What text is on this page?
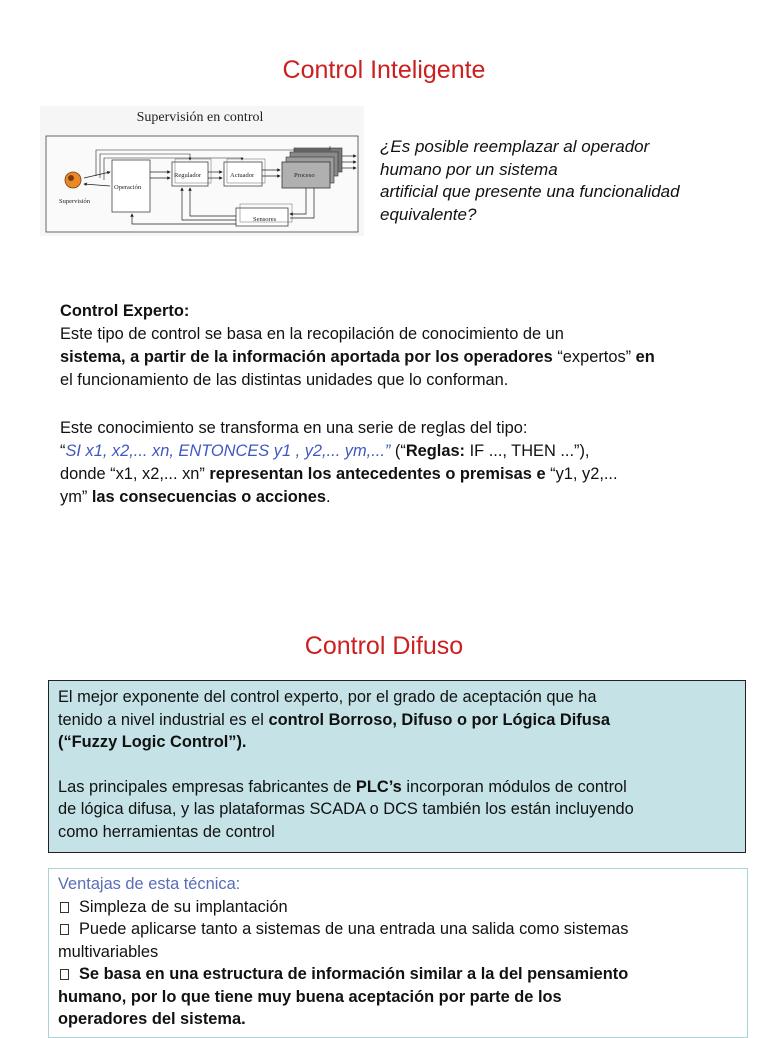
Control Inteligente
Supervisión en control
Supervisión
Operación
Regulador	Actuador	Proceso
Sensores
¿Es posible reemplazar al operador
humano por un sistema
artificial que presente una funcionalidad
equivalente?
Control Experto:
Este tipo de control se basa en la recopilación de conocimiento de un
sistema, a partir de la información aportada por los operadores “expertos” en
el funcionamiento de las distintas unidades que lo conforman.
Este conocimiento se transforma en una serie de reglas del tipo:
“SI x1, x2,... xn, ENTONCES y1 , y2,... ym,...” (“Reglas: IF ..., THEN ...”),
donde “x1, x2,... xn” representan los antecedentes o premisas e “y1, y2,...
ym” las consecuencias o acciones.
Control Difuso
El mejor exponente del control experto, por el grado de aceptación que ha
tenido a nivel industrial es el control Borroso, Difuso o por Lógica Difusa
(“Fuzzy Logic Control”).
Las principales empresas fabricantes de PLC’s incorporan módulos de control
de lógica difusa, y las plataformas SCADA o DCS también los están incluyendo
como herramientas de control
Ventajas de esta técnica:
Simpleza de su implantación
Puede aplicarse tanto a sistemas de una entrada una salida como sistemas
multivariables
Se basa en una estructura de información similar a la del pensamiento
humano, por lo que tiene muy buena aceptación por parte de los
operadores del sistema.
